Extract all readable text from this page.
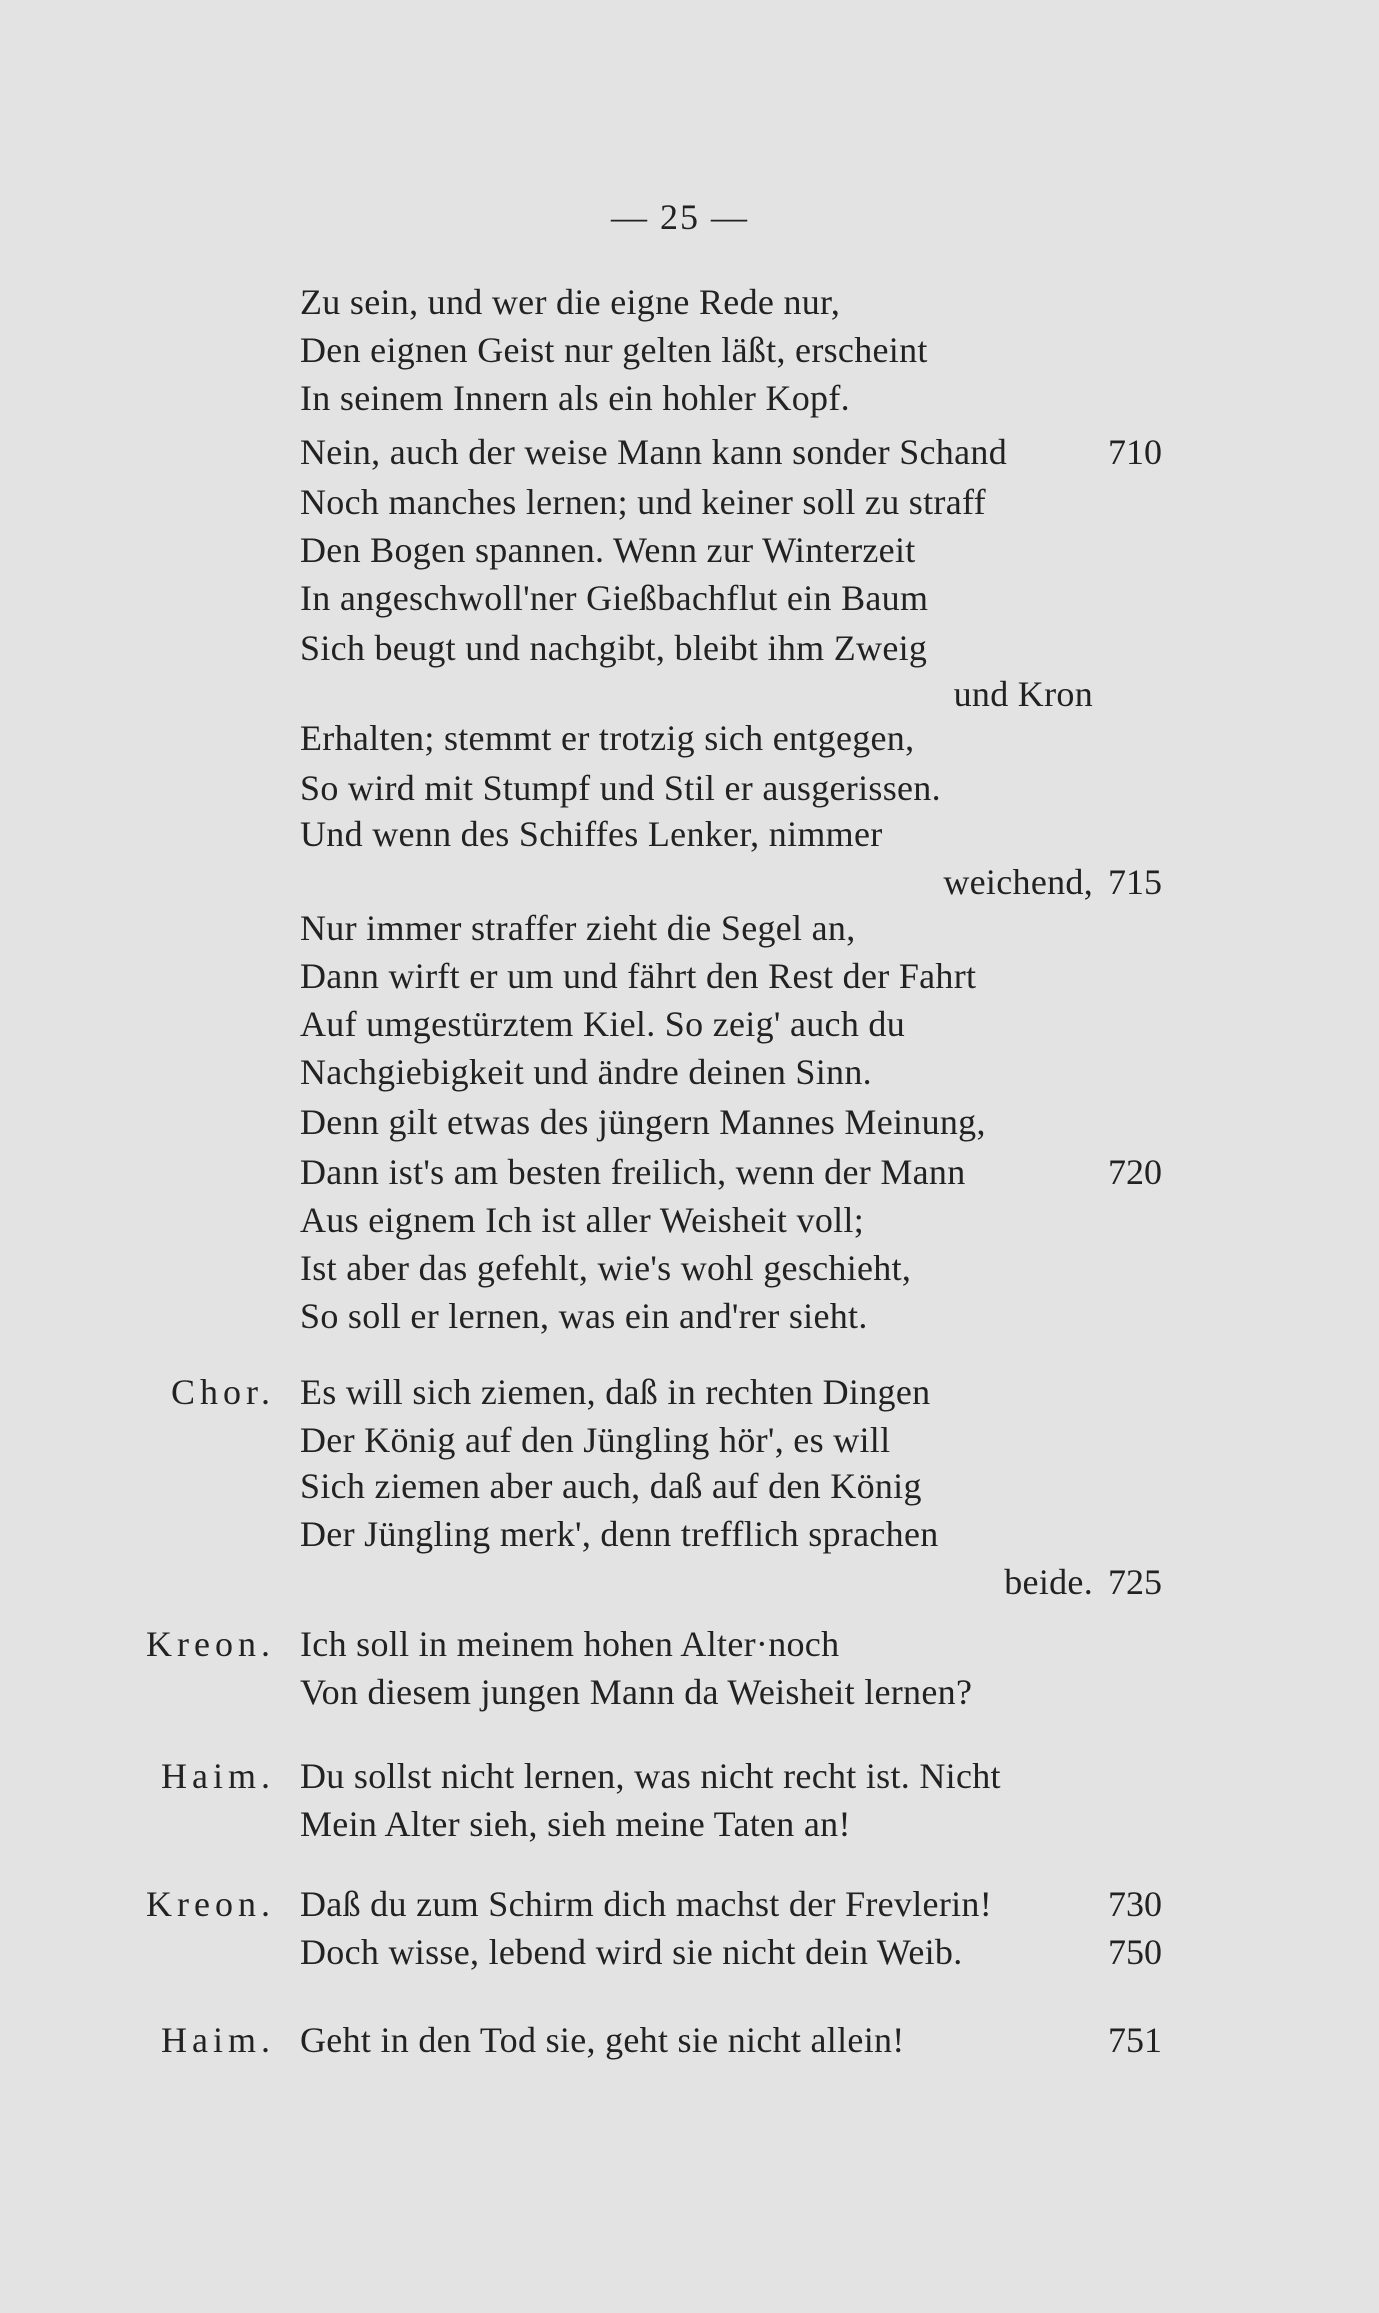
— 25 —
Zu sein, und wer die eigne Rede nur,
Den eignen Geist nur gelten läßt, erscheint
In seinem Innern als ein hohler Kopf.
Nein, auch der weise Mann kann sonder Schand	710
Noch manches lernen; und keiner soll zu straff
Den Bogen spannen. Wenn zur Winterzeit
In angeschwoll'ner Gießbachflut ein Baum
Sich beugt und nachgibt, bleibt ihm Zweig
und Kron
Erhalten; stemmt er trotzig sich entgegen,
So wird mit Stumpf und Stil er ausgerissen.
Und wenn des Schiffes Lenker, nimmer
weichend, 715
Nur immer straffer zieht die Segel an,
Dann wirft er um und fährt den Rest der Fahrt
Auf umgestürztem Kiel. So zeig' auch du
Nachgiebigkeit und ändre deinen Sinn.
Denn gilt etwas des jüngern Mannes Meinung,
Dann ist's am besten freilich, wenn der Mann	720
Aus eignem Ich ist aller Weisheit voll;
Ist aber das gefehlt, wie's wohl geschieht,
So soll er lernen, was ein and'rer sieht.
Chor. Es will sich ziemen, daß in rechten Dingen
Der König auf den Jüngling hör', es will
Sich ziemen aber auch, daß auf den König
Der Jüngling merk', denn trefflich sprachen
beide. 725
Kreon. Ich soll in meinem hohen Alter·noch
Von diesem jungen Mann da Weisheit lernen?
Haim. Du sollst nicht lernen, was nicht recht ist. Nicht
Mein Alter sieh, sieh meine Taten an!
Kreon. Daß du zum Schirm dich machst der Frevlerin!	730
Doch wisse, lebend wird sie nicht dein Weib.	750
Haim. Geht in den Tod sie, geht sie nicht allein!	751
